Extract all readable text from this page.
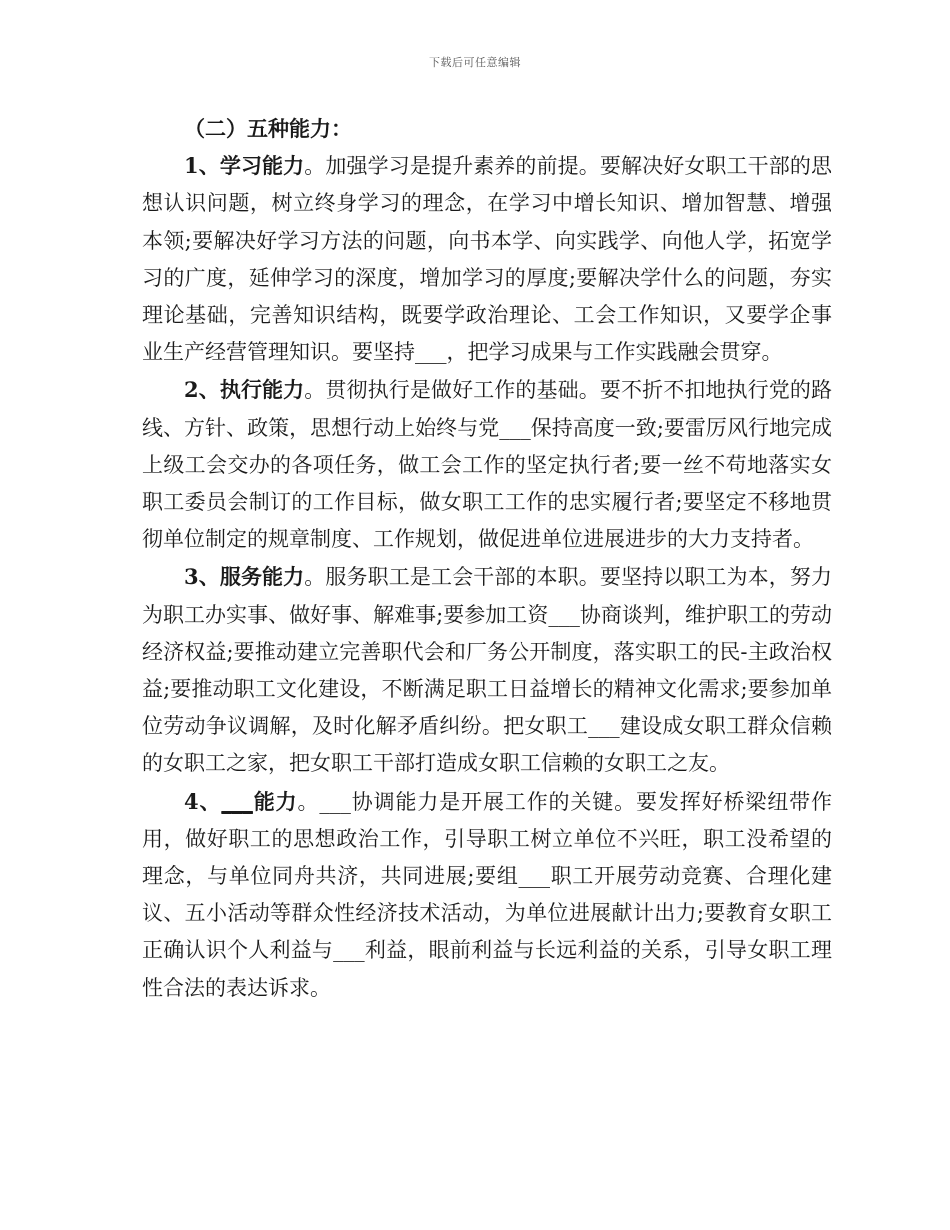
下载后可任意编辑

（二）五种能力：

1、学习能力。加强学习是提升素养的前提。要解决好女职工干部的思想认识问题，树立终身学习的理念，在学习中增长知识、增加智慧、增强本领;要解决好学习方法的问题，向书本学、向实践学、向他人学，拓宽学习的广度，延伸学习的深度，增加学习的厚度;要解决学什么的问题，夯实理论基础，完善知识结构，既要学政治理论、工会工作知识，又要学企事业生产经营管理知识。要坚持___，把学习成果与工作实践融会贯穿。

2、执行能力。贯彻执行是做好工作的基础。要不折不扣地执行党的路线、方针、政策，思想行动上始终与党___保持高度一致;要雷厉风行地完成上级工会交办的各项任务，做工会工作的坚定执行者;要一丝不苟地落实女职工委员会制订的工作目标，做女职工工作的忠实履行者;要坚定不移地贯彻单位制定的规章制度、工作规划，做促进单位进展进步的大力支持者。

3、服务能力。服务职工是工会干部的本职。要坚持以职工为本，努力为职工办实事、做好事、解难事;要参加工资___协商谈判，维护职工的劳动经济权益;要推动建立完善职代会和厂务公开制度，落实职工的民-主政治权益;要推动职工文化建设，不断满足职工日益增长的精神文化需求;要参加单位劳动争议调解，及时化解矛盾纠纷。把女职工___建设成女职工群众信赖的女职工之家，把女职工干部打造成女职工信赖的女职工之友。

4、___能力。___协调能力是开展工作的关键。要发挥好桥梁纽带作用，做好职工的思想政治工作，引导职工树立单位不兴旺，职工没希望的理念，与单位同舟共济，共同进展;要组___职工开展劳动竞赛、合理化建议、五小活动等群众性经济技术活动，为单位进展献计出力;要教育女职工正确认识个人利益与___利益，眼前利益与长远利益的关系，引导女职工理性合法的表达诉求。
